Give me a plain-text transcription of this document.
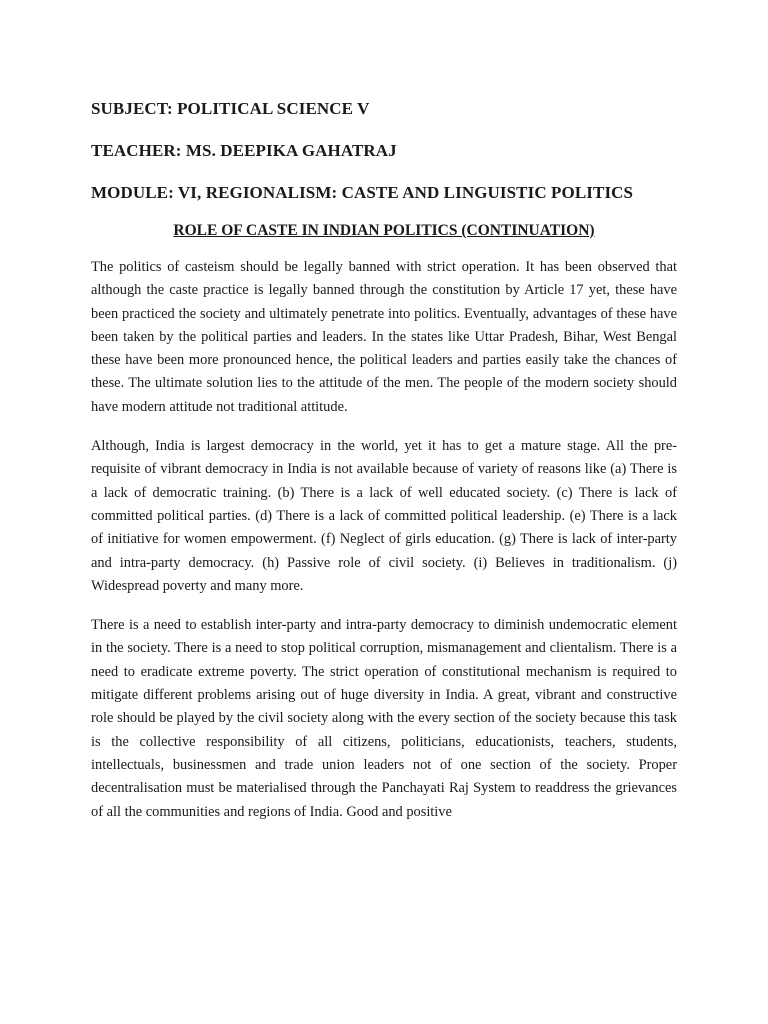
SUBJECT: POLITICAL SCIENCE V

TEACHER: MS. DEEPIKA GAHATRAJ

MODULE: VI, REGIONALISM: CASTE AND LINGUISTIC POLITICS

ROLE OF CASTE IN INDIAN POLITICS (CONTINUATION)

The politics of casteism should be legally banned with strict operation. It has been observed that although the caste practice is legally banned through the constitution by Article 17 yet, these have been practiced the society and ultimately penetrate into politics. Eventually, advantages of these have been taken by the political parties and leaders. In the states like Uttar Pradesh, Bihar, West Bengal these have been more pronounced hence, the political leaders and parties easily take the chances of these. The ultimate solution lies to the attitude of the men. The people of the modern society should have modern attitude not traditional attitude.

Although, India is largest democracy in the world, yet it has to get a mature stage. All the pre-requisite of vibrant democracy in India is not available because of variety of reasons like (a) There is a lack of democratic training. (b) There is a lack of well educated society. (c) There is lack of committed political parties. (d) There is a lack of committed political leadership. (e) There is a lack of initiative for women empowerment. (f) Neglect of girls education. (g) There is lack of inter-party and intra-party democracy. (h) Passive role of civil society. (i) Believes in traditionalism. (j) Widespread poverty and many more.

There is a need to establish inter-party and intra-party democracy to diminish undemocratic element in the society. There is a need to stop political corruption, mismanagement and clientalism. There is a need to eradicate extreme poverty. The strict operation of constitutional mechanism is required to mitigate different problems arising out of huge diversity in India. A great, vibrant and constructive role should be played by the civil society along with the every section of the society because this task is the collective responsibility of all citizens, politicians, educationists, teachers, students, intellectuals, businessmen and trade union leaders not of one section of the society. Proper decentralisation must be materialised through the Panchayati Raj System to readdress the grievances of all the communities and regions of India. Good and positive
